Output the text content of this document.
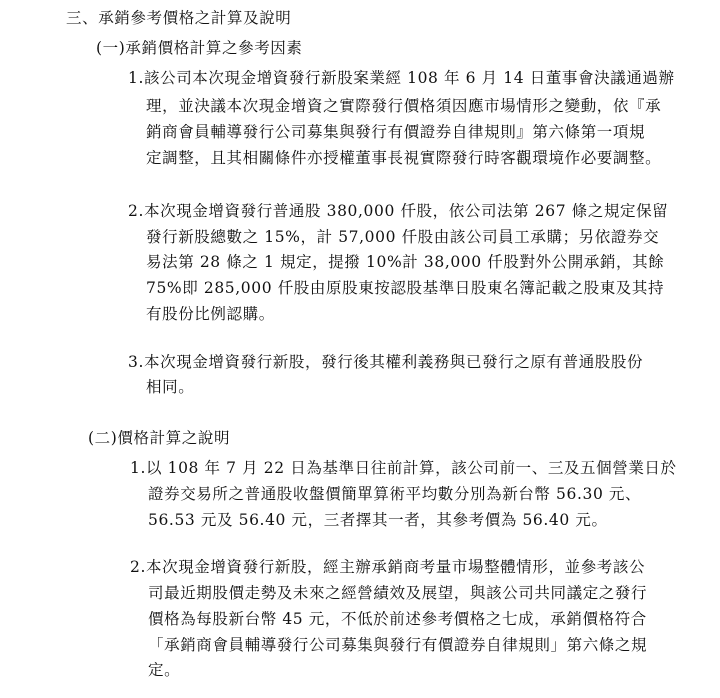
三、承銷參考價格之計算及說明
(一)承銷價格計算之參考因素
1.該公司本次現金增資發行新股案業經 108 年 6 月 14 日董事會決議通過辦
理，並決議本次現金增資之實際發行價格須因應市場情形之變動，依『承
銷商會員輔導發行公司募集與發行有價證券自律規則』第六條第一項規
定調整，且其相關條件亦授權董事長視實際發行時客觀環境作必要調整。
2.本次現金增資發行普通股 380,000 仟股，依公司法第 267 條之規定保留
發行新股總數之 15%，計 57,000 仟股由該公司員工承購；另依證券交
易法第 28 條之 1 規定，提撥 10%計 38,000 仟股對外公開承銷，其餘
75%即 285,000 仟股由原股東按認股基準日股東名簿記載之股東及其持
有股份比例認購。
3.本次現金增資發行新股，發行後其權利義務與已發行之原有普通股股份
相同。
(二)價格計算之說明
1.以 108 年 7 月 22 日為基準日往前計算，該公司前一、三及五個營業日於
證券交易所之普通股收盤價簡單算術平均數分別為新台幣 56.30 元、
56.53 元及 56.40 元，三者擇其一者，其參考價為 56.40 元。
2.本次現金增資發行新股，經主辦承銷商考量市場整體情形，並參考該公
司最近期股價走勢及未來之經營績效及展望，與該公司共同議定之發行
價格為每股新台幣 45 元，不低於前述參考價格之七成，承銷價格符合
「承銷商會員輔導發行公司募集與發行有價證券自律規則」第六條之規
定。
